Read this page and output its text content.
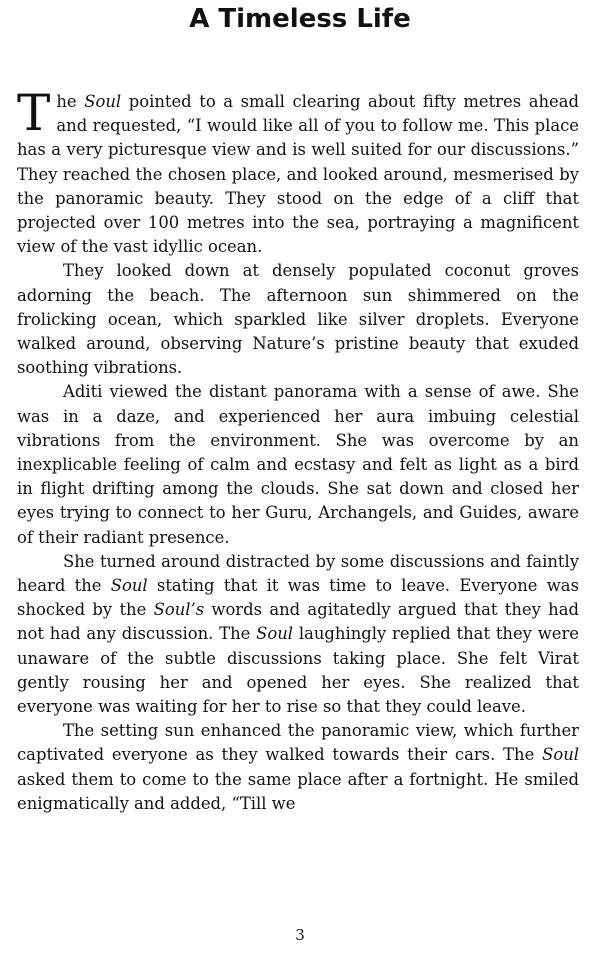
A Timeless Life

The Soul pointed to a small clearing about fifty metres ahead and requested, “I would like all of you to follow me. This place has a very picturesque view and is well suited for our discussions.” They reached the chosen place, and looked around, mesmerised by the panoramic beauty. They stood on the edge of a cliff that projected over 100 metres into the sea, portraying a magnificent view of the vast idyllic ocean.

They looked down at densely populated coconut groves adorning the beach. The afternoon sun shimmered on the frolicking ocean, which sparkled like silver droplets. Everyone walked around, observing Nature’s pristine beauty that exuded soothing vibrations.

Aditi viewed the distant panorama with a sense of awe. She was in a daze, and experienced her aura imbuing celestial vibrations from the environment. She was overcome by an inexplicable feeling of calm and ecstasy and felt as light as a bird in flight drifting among the clouds. She sat down and closed her eyes trying to connect to her Guru, Archangels, and Guides, aware of their radiant presence.

She turned around distracted by some discussions and faintly heard the Soul stating that it was time to leave. Everyone was shocked by the Soul’s words and agitatedly argued that they had not had any discussion. The Soul laughingly replied that they were unaware of the subtle discussions taking place. She felt Virat gently rousing her and opened her eyes. She realized that everyone was waiting for her to rise so that they could leave.

The setting sun enhanced the panoramic view, which further captivated everyone as they walked towards their cars. The Soul asked them to come to the same place after a fortnight. He smiled enigmatically and added, “Till we

3
